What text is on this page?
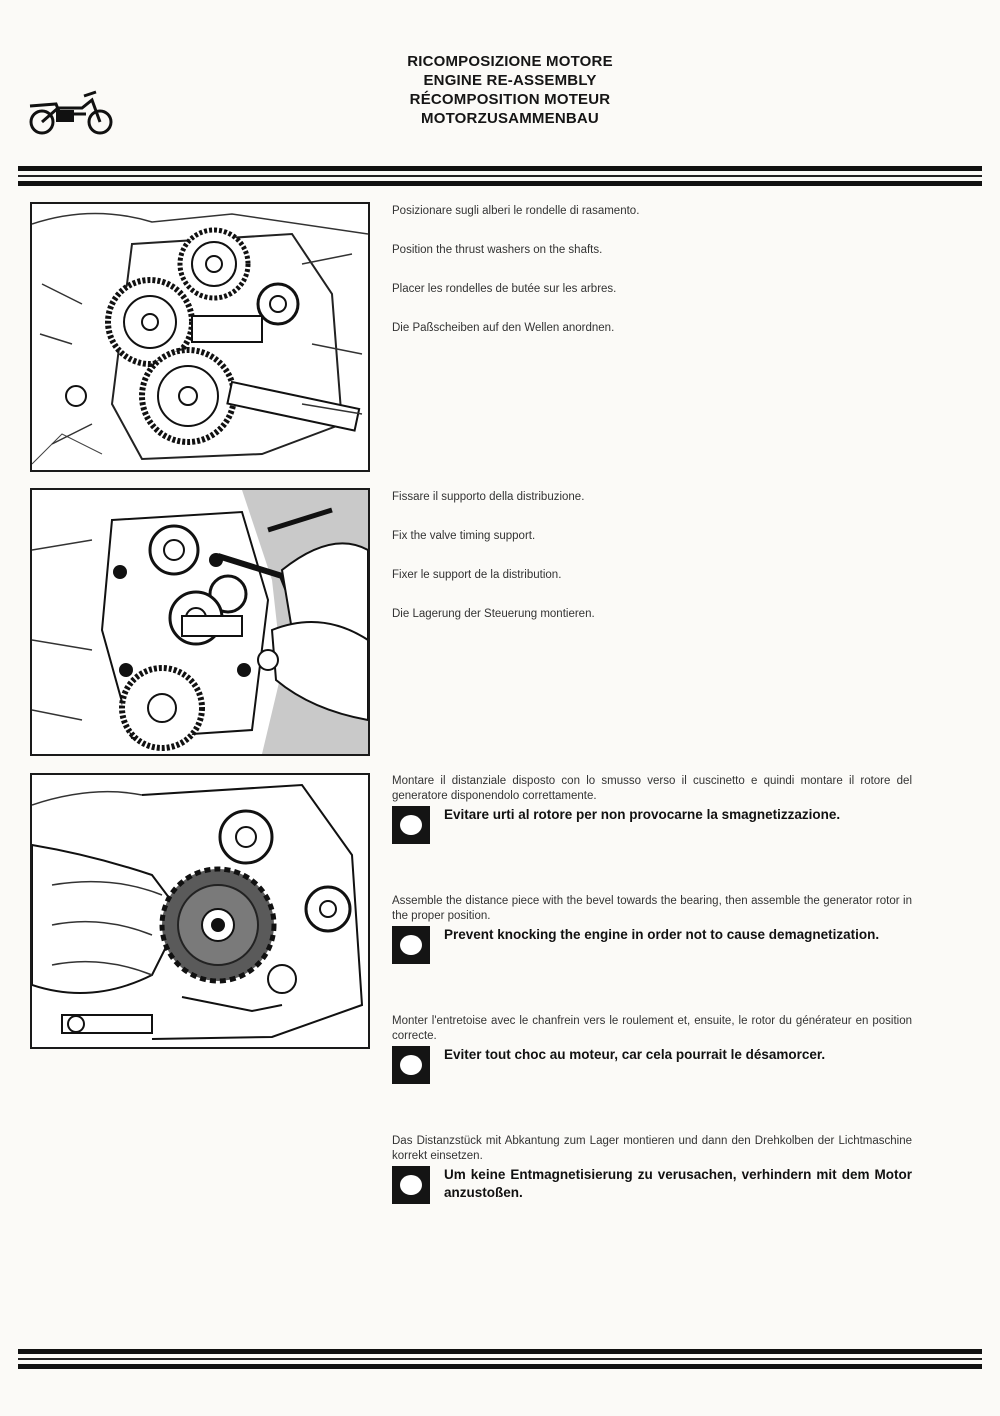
RICOMPOSIZIONE MOTORE
ENGINE RE-ASSEMBLY
RÉCOMPOSITION MOTEUR
MOTORZUSAMMENBAU

Posizionare sugli alberi le rondelle di rasamento.

Position the thrust washers on the shafts.

Placer les rondelles de butée sur les arbres.

Die Paßscheiben auf den Wellen anordnen.

Fissare il supporto della distribuzione.

Fix the valve timing support.

Fixer le support de la distribution.

Die Lagerung der Steuerung montieren.

Montare il distanziale disposto con lo smusso verso il cuscinetto e quindi montare il rotore del generatore disponendolo correttamente.

Evitare urti al rotore per non provocarne la smagnetizzazione.

Assemble the distance piece with the bevel towards the bearing, then assemble the generator rotor in the proper position.

Prevent knocking the engine in order not to cause demagnetization.

Monter l'entretoise avec le chanfrein vers le roulement et, ensuite, le rotor du générateur en position correcte.

Eviter tout choc au moteur, car cela pourrait le désamorcer.

Das Distanzstück mit Abkantung zum Lager montieren und dann den Drehkolben der Lichtmaschine korrekt einsetzen.

Um keine Entmagnetisierung zu verusachen, verhindern mit dem Motor anzustoßen.
